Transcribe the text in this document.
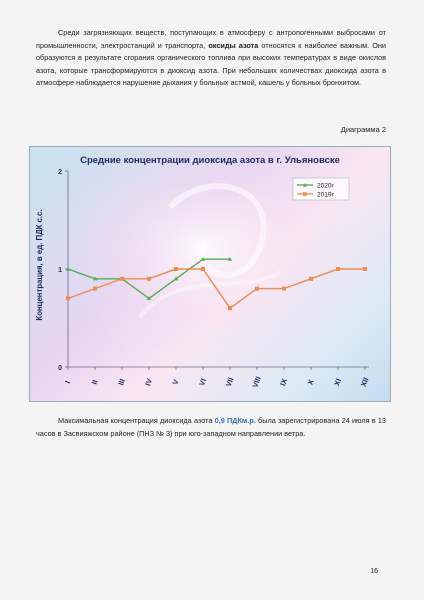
Среди загрязняющих веществ, поступающих в атмосферу с антропогенными выбросами от промышленности, электростанций и транспорта, оксиды азота относятся к наиболее важным. Они образуются в результате сгорания органического топлива при высоких температурах в виде окислов азота, которые трансформируются в диоксид азота. При небольших количествах диоксида азота в атмосфере наблюдается нарушение дыхания у больных астмой, кашель у больных бронхитом.

Диаграмма 2
Средние концентрации диоксида азота в г. Ульяновске
Концентрация, в ед. ПДК с.с.
0
1
2
I II III IV V VI VII VIII IX X XI XII
2020г
2019г

Максимальная концентрация диоксида азота 0,9 ПДКм.р. была зарегистрирована 24 июля в 13 часов в Засвияжском районе (ПНЗ № 3) при юго-западном направлении ветра.

16
